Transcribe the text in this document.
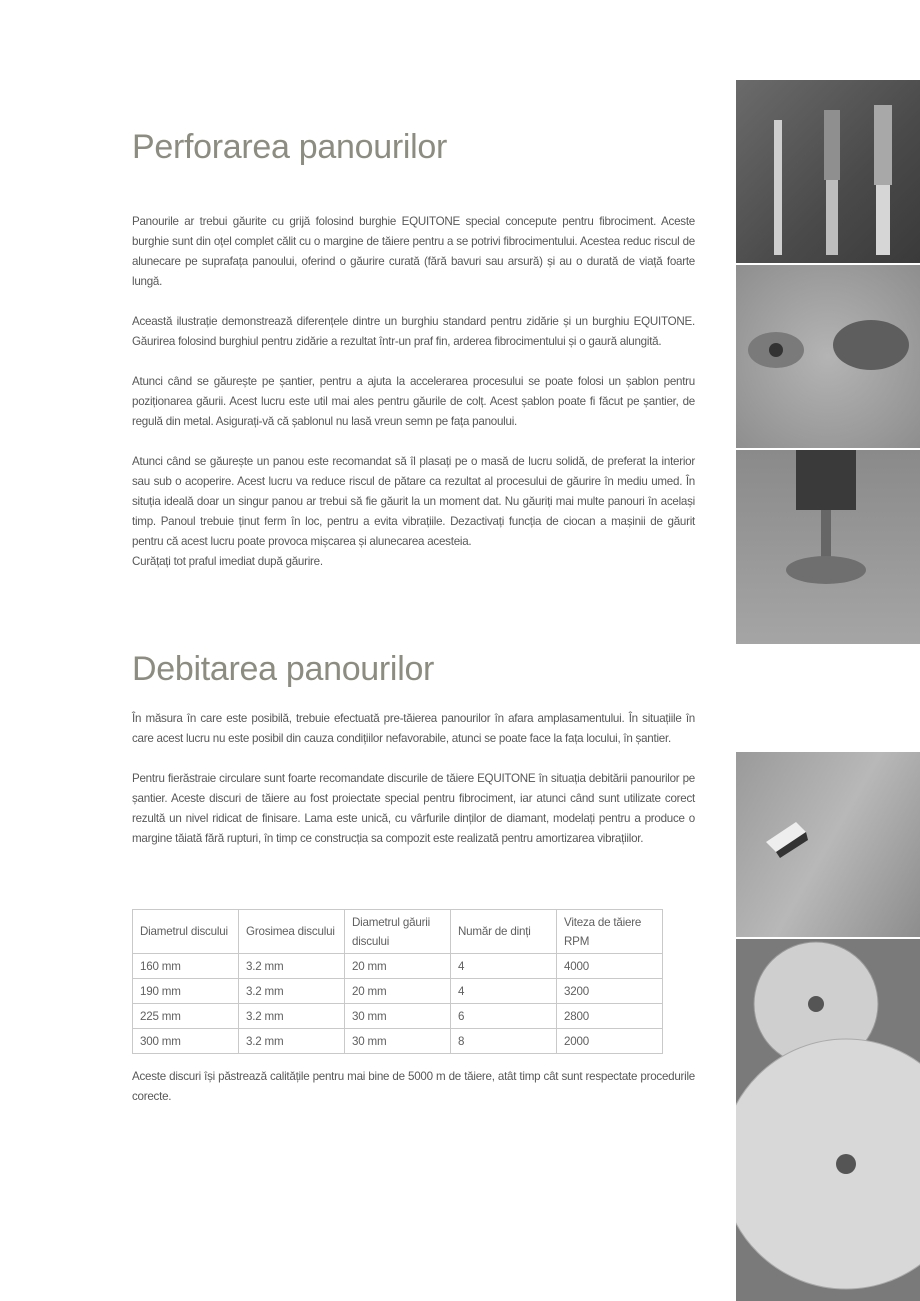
Perforarea panourilor

Panourile ar trebui găurite cu grijă folosind burghie EQUITONE special concepute pentru fibrociment. Aceste burghie sunt din oțel complet călit cu o margine de tăiere pentru a se potrivi fibrocimentului. Acestea reduc riscul de alunecare pe suprafața panoului, oferind o găurire curată (fără bavuri sau arsură) și au o durată de viață foarte lungă.

Această ilustrație demonstrează diferențele dintre un burghiu standard pentru zidărie și un burghiu EQUITONE. Găurirea folosind burghiul pentru zidărie a rezultat într-un praf fin, arderea fibrocimentului și o gaură alungită.

Atunci când se găurește pe șantier, pentru a ajuta la accelerarea procesului se poate folosi un șablon pentru poziționarea găurii. Acest lucru este util mai ales pentru găurile de colț. Acest șablon poate fi făcut pe șantier, de regulă din metal. Asigurați-vă că șablonul nu lasă vreun semn pe fața panoului.

Atunci când se găurește un panou este recomandat să îl plasați pe o masă de lucru solidă, de preferat la interior sau sub o acoperire. Acest lucru va reduce riscul de pătare ca rezultat al procesului de găurire în mediu umed. În situția ideală doar un singur panou ar trebui să fie găurit la un moment dat. Nu găuriți mai multe panouri în același timp. Panoul trebuie ținut ferm în loc, pentru a evita vibrațiile. Dezactivați funcția de ciocan a mașinii de găurit pentru că acest lucru poate provoca mișcarea și alunecarea acesteia.

Curățați tot praful imediat după găurire.

Debitarea panourilor

În măsura în care este posibilă, trebuie efectuată pre-tăierea panourilor în afara amplasamentului. În situațiile în care acest lucru nu este posibil din cauza condițiilor nefavorabile, atunci se poate face la fața locului, în șantier.

Pentru fierăstraie circulare sunt foarte recomandate discurile de tăiere EQUITONE în situația debitării panourilor pe șantier. Aceste discuri de tăiere au fost proiectate special pentru fibrociment, iar atunci când sunt utilizate corect rezultă un nivel ridicat de finisare. Lama este unică, cu vârfurile dinților de diamant, modelați pentru a produce o margine tăiată fără rupturi, în timp ce construcția sa compozit este realizată pentru amortizarea vibrațiilor.

Diametrul discului	Grosimea discului	Diametrul găurii discului	Număr de dinți	Viteza de tăiere RPM
160 mm	3.2 mm	20 mm	4	4000
190 mm	3.2 mm	20 mm	4	3200
225 mm	3.2 mm	30 mm	6	2800
300 mm	3.2 mm	30 mm	8	2000
Aceste discuri își păstrează calitățile pentru mai bine de 5000 m de tăiere, atât timp cât sunt respectate procedurile corecte.
